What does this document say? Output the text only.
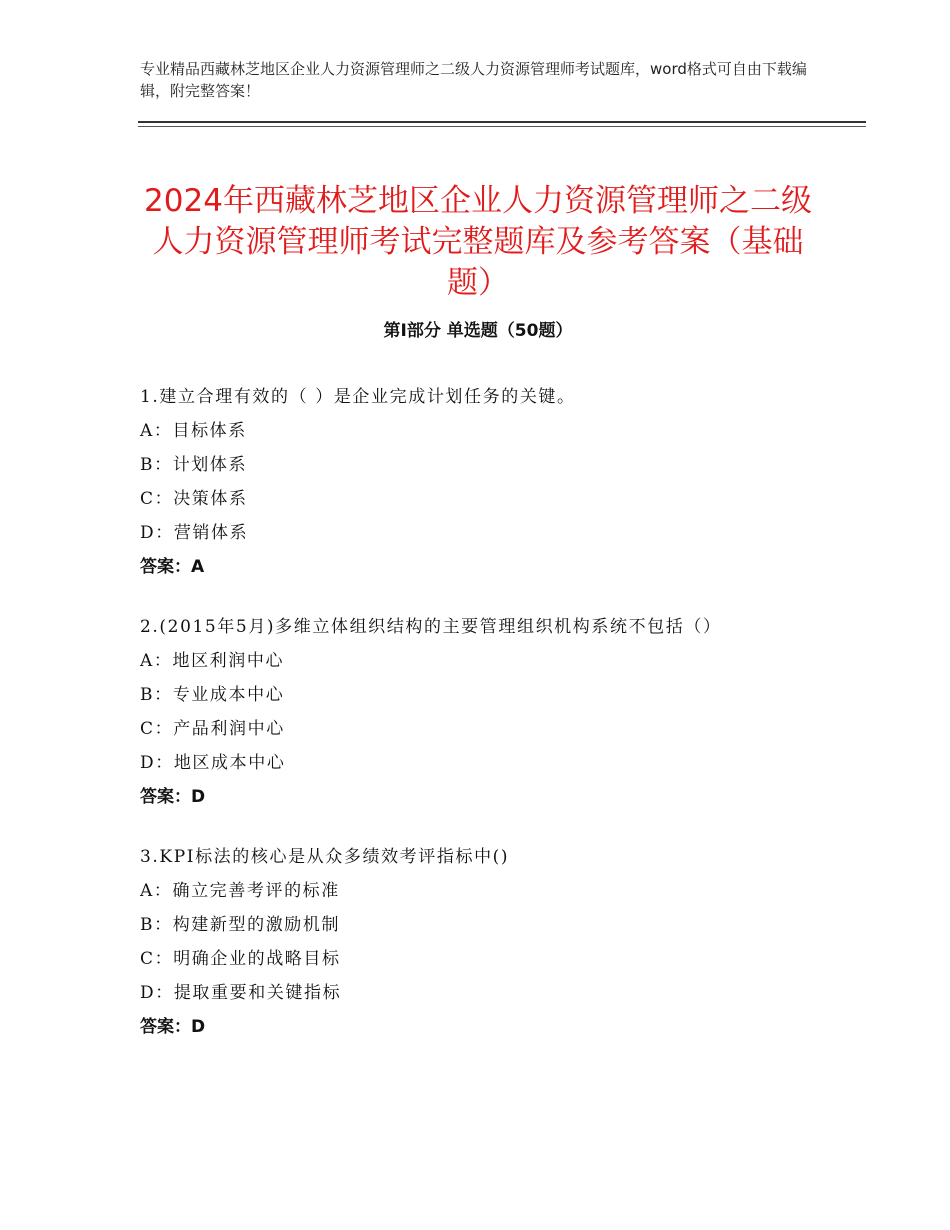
专业精品西藏林芝地区企业人力资源管理师之二级人力资源管理师考试题库，word格式可自由下载编辑，附完整答案！
2024年西藏林芝地区企业人力资源管理师之二级人力资源管理师考试完整题库及参考答案（基础题）
第Ⅰ部分 单选题（50题）
1.建立合理有效的（ ）是企业完成计划任务的关键。
A：目标体系
B：计划体系
C：决策体系
D：营销体系
答案：A
2.(2015年5月)多维立体组织结构的主要管理组织机构系统不包括（）
A：地区利润中心
B：专业成本中心
C：产品利润中心
D：地区成本中心
答案：D
3.KPI标法的核心是从众多绩效考评指标中()
A：确立完善考评的标准
B：构建新型的激励机制
C：明确企业的战略目标
D：提取重要和关键指标
答案：D
